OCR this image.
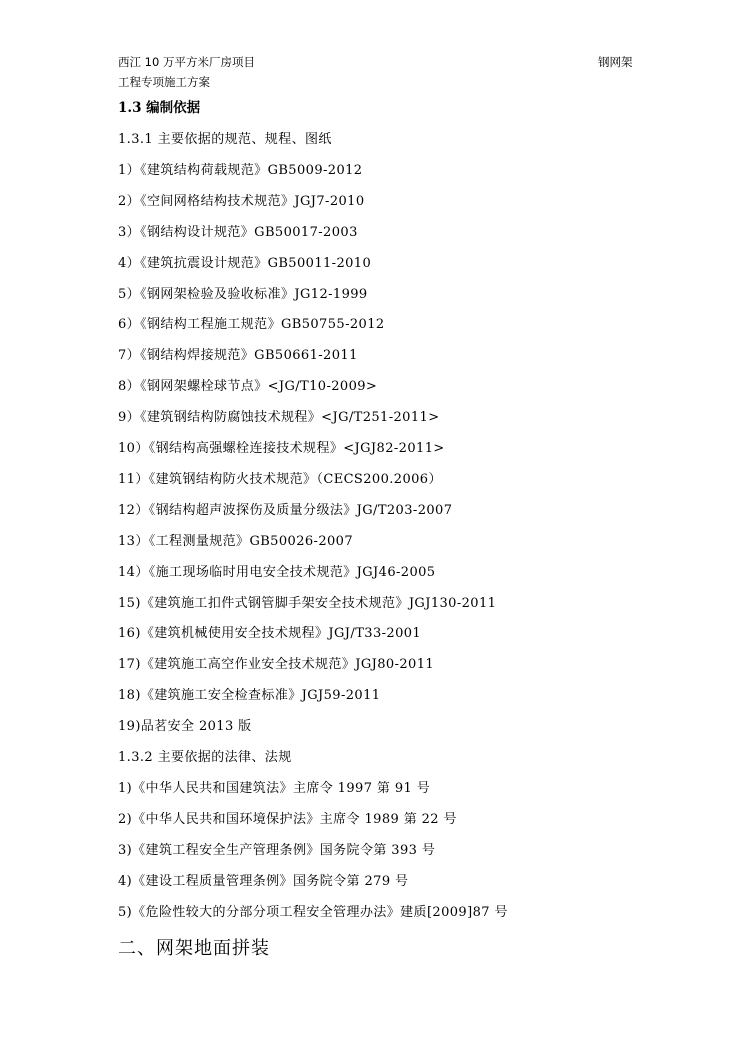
西江 10 万平方米厂房项目	钢网架
工程专项施工方案
1.3 编制依据
1.3.1 主要依据的规范、规程、图纸
1）《建筑结构荷载规范》GB5009-2012
2）《空间网格结构技术规范》JGJ7-2010
3）《钢结构设计规范》GB50017-2003
4）《建筑抗震设计规范》GB50011-2010
5）《钢网架检验及验收标准》JG12-1999
6）《钢结构工程施工规范》GB50755-2012
7）《钢结构焊接规范》GB50661-2011
8）《钢网架螺栓球节点》<JG/T10-2009>
9）《建筑钢结构防腐蚀技术规程》<JG/T251-2011>
10）《钢结构高强螺栓连接技术规程》<JGJ82-2011>
11）《建筑钢结构防火技术规范》（CECS200.2006）
12）《钢结构超声波探伤及质量分级法》JG/T203-2007
13）《工程测量规范》GB50026-2007
14）《施工现场临时用电安全技术规范》JGJ46-2005
15)《建筑施工扣件式钢管脚手架安全技术规范》JGJ130-2011
16)《建筑机械使用安全技术规程》JGJ/T33-2001
17)《建筑施工高空作业安全技术规范》JGJ80-2011
18)《建筑施工安全检查标准》JGJ59-2011
19)品茗安全 2013 版
1.3.2 主要依据的法律、法规
1)《中华人民共和国建筑法》主席令 1997 第 91 号
2)《中华人民共和国环境保护法》主席令 1989 第 22 号
3)《建筑工程安全生产管理条例》国务院令第 393 号
4)《建设工程质量管理条例》国务院令第 279 号
5)《危险性较大的分部分项工程安全管理办法》建质[2009]87 号
二、网架地面拼装
